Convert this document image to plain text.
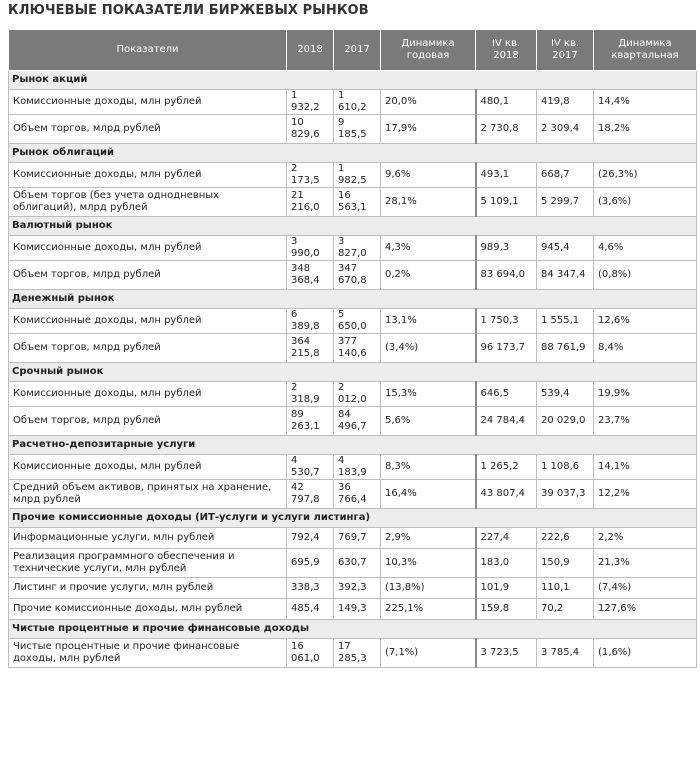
КЛЮЧЕВЫЕ ПОКАЗАТЕЛИ БИРЖЕВЫХ РЫНКОВ
Показатели	2018	2017	Динамика годовая	IV кв. 2018	IV кв. 2017	Динамика квартальная
Рынок акций						
Комиссионные доходы, млн рублей	1 932,2	1 610,2	20,0%	480,1	419,8	14,4%
Объем торгов, млрд рублей	10 829,6	9 185,5	17,9%	2 730,8	2 309,4	18,2%
Рынок облигаций						
Комиссионные доходы, млн рублей	2 173,5	1 982,5	9,6%	493,1	668,7	(26,3%)
Объем торгов (без учета однодневных облигаций), млрд рублей	21 216,0	16 563,1	28,1%	5 109,1	5 299,7	(3,6%)
Валютный рынок						
Комиссионные доходы, млн рублей	3 990,0	3 827,0	4,3%	989,3	945,4	4,6%
Объем торгов, млрд рублей	348 368,4	347 670,8	0,2%	83 694,0	84 347,4	(0,8%)
Денежный рынок						
Комиссионные доходы, млн рублей	6 389,8	5 650,0	13,1%	1 750,3	1 555,1	12,6%
Объем торгов, млрд рублей	364 215,8	377 140,6	(3,4%)	96 173,7	88 761,9	8,4%
Срочный рынок						
Комиссионные доходы, млн рублей	2 318,9	2 012,0	15,3%	646,5	539,4	19,9%
Объем торгов, млрд рублей	89 263,1	84 496,7	5,6%	24 784,4	20 029,0	23,7%
Расчетно-депозитарные услуги						
Комиссионные доходы, млн рублей	4 530,7	4 183,9	8,3%	1 265,2	1 108,6	14,1%
Средний объем активов, принятых на хранение, млрд рублей	42 797,8	36 766,4	16,4%	43 807,4	39 037,3	12,2%
Прочие комиссионные доходы (ИТ-услуги и услуги листинга)						
Информационные услуги, млн рублей	792,4	769,7	2,9%	227,4	222,6	2,2%
Реализация программного обеспечения и технические услуги, млн рублей	695,9	630,7	10,3%	183,0	150,9	21,3%
Листинг и прочие услуги, млн рублей	338,3	392,3	(13,8%)	101,9	110,1	(7,4%)
Прочие комиссионные доходы, млн рублей	485,4	149,3	225,1%	159,8	70,2	127,6%
Чистые процентные и прочие финансовые доходы						
Чистые процентные и прочие финансовые доходы, млн рублей	16 061,0	17 285,3	(7,1%)	3 723,5	3 785,4	(1,6%)
